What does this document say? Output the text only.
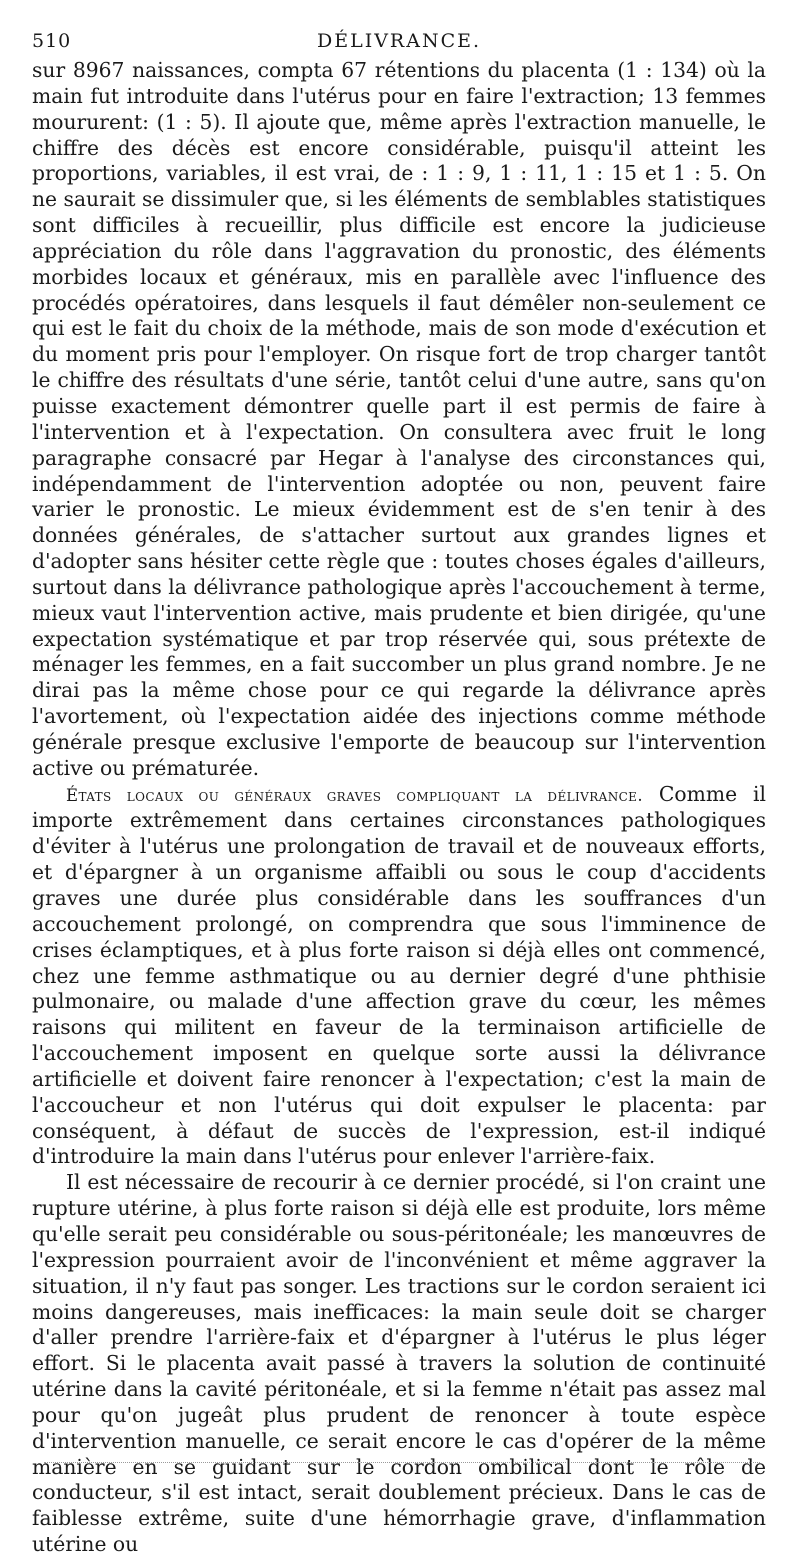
510	DÉLIVRANCE.

sur 8967 naissances, compta 67 rétentions du placenta (1 : 134) où la main fut introduite dans l'utérus pour en faire l'extraction; 13 femmes moururent: (1 : 5). Il ajoute que, même après l'extraction manuelle, le chiffre des décès est encore considérable, puisqu'il atteint les proportions, variables, il est vrai, de : 1 : 9, 1 : 11, 1 : 15 et 1 : 5. On ne saurait se dissimuler que, si les éléments de semblables statistiques sont difficiles à recueillir, plus difficile est encore la judicieuse appréciation du rôle dans l'aggravation du pronostic, des éléments morbides locaux et généraux, mis en parallèle avec l'influence des procédés opératoires, dans lesquels il faut démêler non-seulement ce qui est le fait du choix de la méthode, mais de son mode d'exécution et du moment pris pour l'employer. On risque fort de trop charger tantôt le chiffre des résultats d'une série, tantôt celui d'une autre, sans qu'on puisse exactement démontrer quelle part il est permis de faire à l'intervention et à l'expectation. On consultera avec fruit le long paragraphe consacré par Hegar à l'analyse des circonstances qui, indépendamment de l'intervention adoptée ou non, peuvent faire varier le pronostic. Le mieux évidemment est de s'en tenir à des données générales, de s'attacher surtout aux grandes lignes et d'adopter sans hésiter cette règle que : toutes choses égales d'ailleurs, surtout dans la délivrance pathologique après l'accouchement à terme, mieux vaut l'intervention active, mais prudente et bien dirigée, qu'une expectation systématique et par trop réservée qui, sous prétexte de ménager les femmes, en a fait succomber un plus grand nombre. Je ne dirai pas la même chose pour ce qui regarde la délivrance après l'avortement, où l'expectation aidée des injections comme méthode générale presque exclusive l'emporte de beaucoup sur l'intervention active ou prématurée.

États locaux ou généraux graves compliquant la délivrance. Comme il importe extrêmement dans certaines circonstances pathologiques d'éviter à l'utérus une prolongation de travail et de nouveaux efforts, et d'épargner à un organisme affaibli ou sous le coup d'accidents graves une durée plus considérable dans les souffrances d'un accouchement prolongé, on comprendra que sous l'imminence de crises éclamptiques, et à plus forte raison si déjà elles ont commencé, chez une femme asthmatique ou au dernier degré d'une phthisie pulmonaire, ou malade d'une affection grave du cœur, les mêmes raisons qui militent en faveur de la terminaison artificielle de l'accouchement imposent en quelque sorte aussi la délivrance artificielle et doivent faire renoncer à l'expectation; c'est la main de l'accoucheur et non l'utérus qui doit expulser le placenta: par conséquent, à défaut de succès de l'expression, est-il indiqué d'introduire la main dans l'utérus pour enlever l'arrière-faix.

Il est nécessaire de recourir à ce dernier procédé, si l'on craint une rupture utérine, à plus forte raison si déjà elle est produite, lors même qu'elle serait peu considérable ou sous-péritonéale; les manœuvres de l'expression pourraient avoir de l'inconvénient et même aggraver la situation, il n'y faut pas songer. Les tractions sur le cordon seraient ici moins dangereuses, mais inefficaces: la main seule doit se charger d'aller prendre l'arrière-faix et d'épargner à l'utérus le plus léger effort. Si le placenta avait passé à travers la solution de continuité utérine dans la cavité péritonéale, et si la femme n'était pas assez mal pour qu'on jugeât plus prudent de renoncer à toute espèce d'intervention manuelle, ce serait encore le cas d'opérer de la même manière en se guidant sur le cordon ombilical dont le rôle de conducteur, s'il est intact, serait doublement précieux. Dans le cas de faiblesse extrême, suite d'une hémorrhagie grave, d'inflammation utérine ou
